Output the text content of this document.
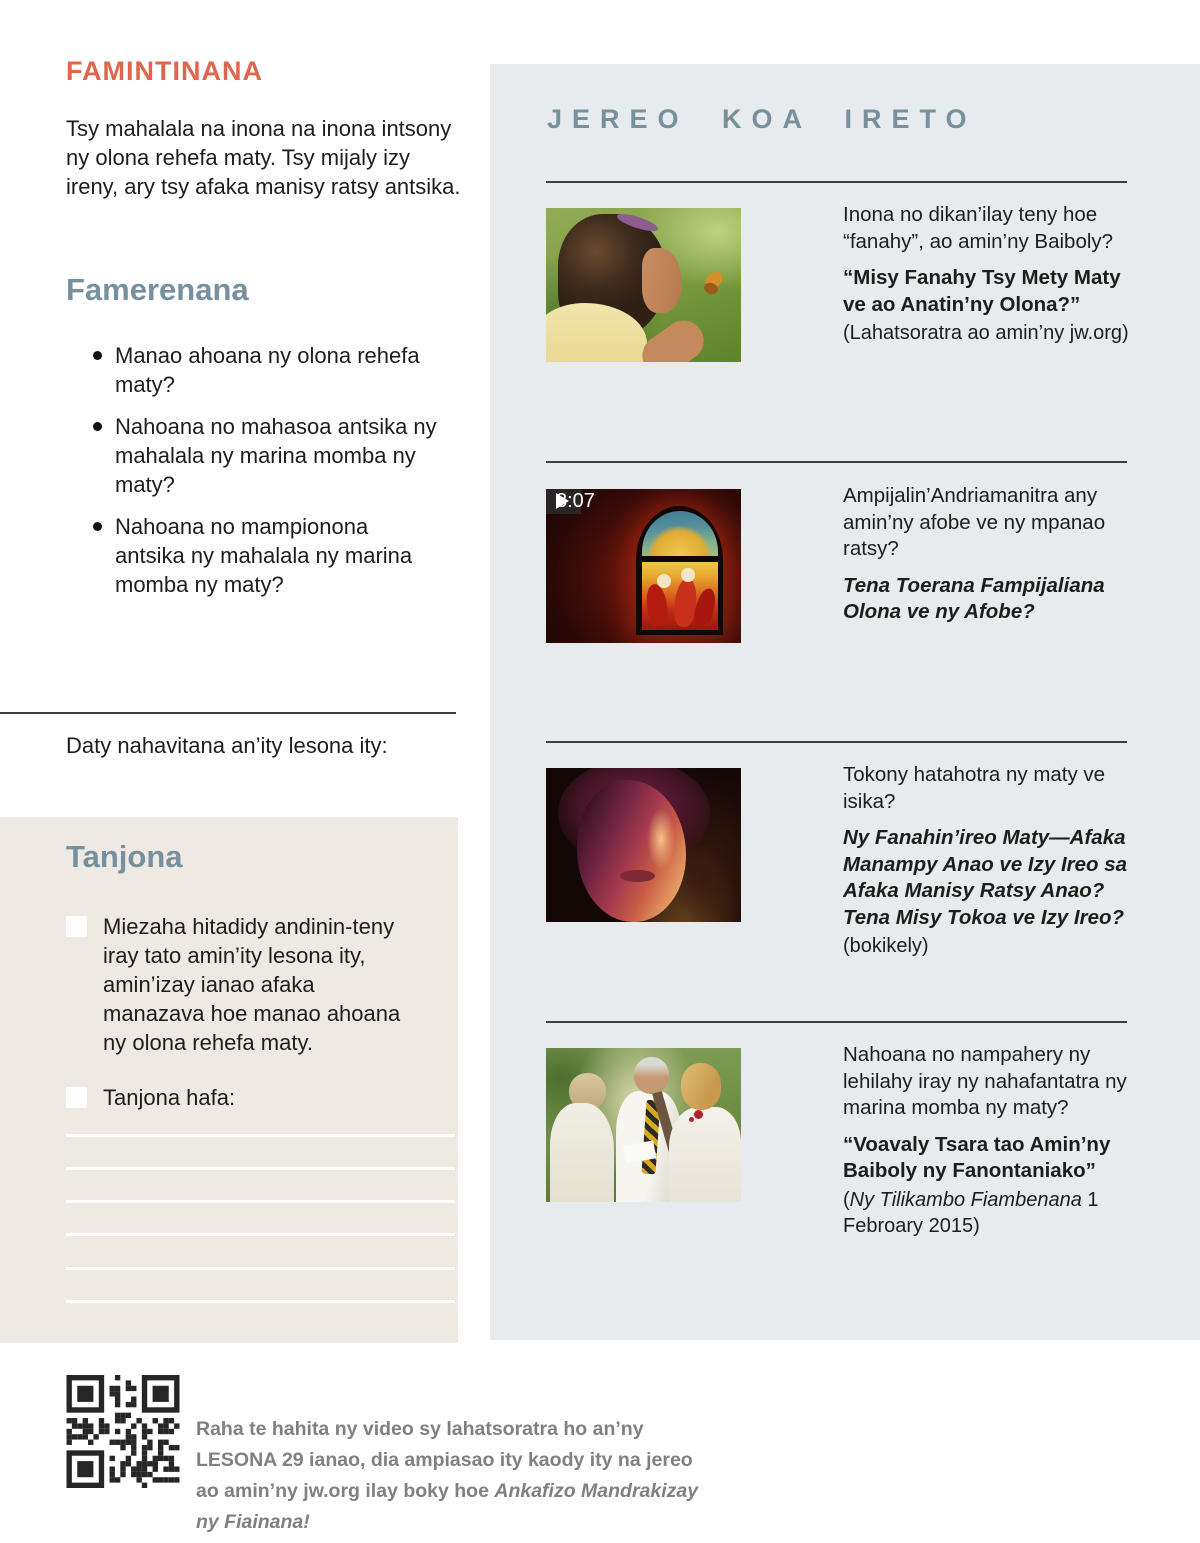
FAMINTINANA

Tsy mahalala na inona na inona intsony ny olona rehefa maty. Tsy mijaly izy ireny, ary tsy afaka manisy ratsy antsika.

Famerenana
Manao ahoana ny olona rehefa maty?
Nahoana no mahasoa antsika ny mahalala ny marina momba ny maty?
Nahoana no mampionona antsika ny mahalala ny marina momba ny maty?

Daty nahavitana an’ity lesona ity:

Tanjona
Miezaha hitadidy andinin-teny iray tato amin’ity lesona ity, amin’izay ianao afaka manazava hoe manao ahoana ny olona rehefa maty.
Tanjona hafa:
JEREO KOA IRETO

Inona no dikan’ilay teny hoe “fanahy”, ao amin’ny Baiboly?

“Misy Fanahy Tsy Mety Maty ve ao Anatin’ny Olona?”

(Lahatsoratra ao amin’ny jw.org)

3:07	Ampijalin’Andriamanitra any amin’ny afobe ve ny mpanao ratsy?

Tena Toerana Fampijaliana Olona ve ny Afobe?

Tokony hatahotra ny maty ve isika?

Ny Fanahin’ireo Maty—Afaka Manampy Anao ve Izy Ireo sa Afaka Manisy Ratsy Anao? Tena Misy Tokoa ve Izy Ireo?

(bokikely)

Nahoana no nampahery ny lehilahy iray ny nahafantatra ny marina momba ny maty?

“Voavaly Tsara tao Amin’ny Baiboly ny Fanontaniako”

(Ny Tilikambo Fiambenana 1 Febroary 2015)

Raha te hahita ny video sy lahatsoratra ho an’ny LESONA 29 ianao, dia ampiasao ity kaody ity na jereo ao amin’ny jw.org ilay boky hoe Ankafizo Mandrakizay ny Fiainana!
